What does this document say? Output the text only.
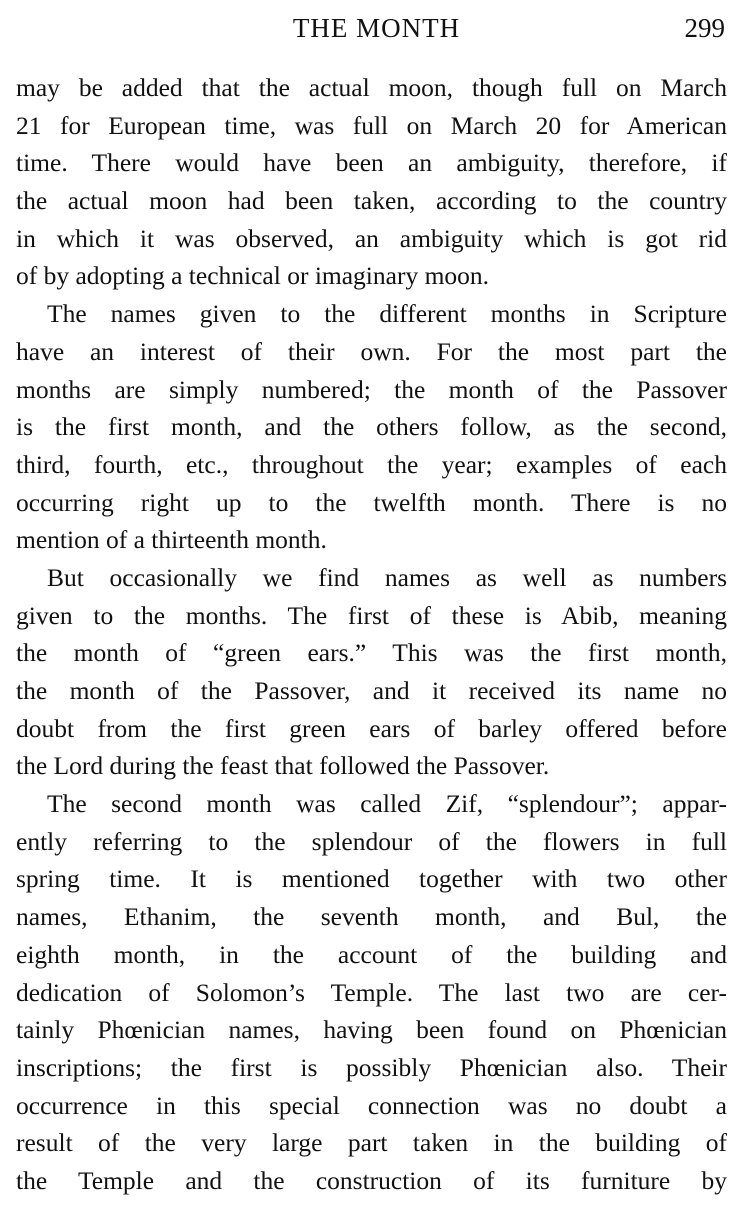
THE MONTH	299
may be added that the actual moon, though full on March
21 for European time, was full on March 20 for American
time. There would have been an ambiguity, therefore, if
the actual moon had been taken, according to the country
in which it was observed, an ambiguity which is got rid
of by adopting a technical or imaginary moon.
The names given to the different months in Scripture
have an interest of their own. For the most part the
months are simply numbered; the month of the Passover
is the first month, and the others follow, as the second,
third, fourth, etc., throughout the year; examples of each
occurring right up to the twelfth month. There is no
mention of a thirteenth month.
But occasionally we find names as well as numbers
given to the months. The first of these is Abib, meaning
the month of “green ears.” This was the first month,
the month of the Passover, and it received its name no
doubt from the first green ears of barley offered before
the Lord during the feast that followed the Passover.
The second month was called Zif, “splendour”; appar-
ently referring to the splendour of the flowers in full
spring time. It is mentioned together with two other
names, Ethanim, the seventh month, and Bul, the
eighth month, in the account of the building and
dedication of Solomon’s Temple. The last two are cer-
tainly Phœnician names, having been found on Phœnician
inscriptions; the first is possibly Phœnician also. Their
occurrence in this special connection was no doubt a
result of the very large part taken in the building of
the Temple and the construction of its furniture by
